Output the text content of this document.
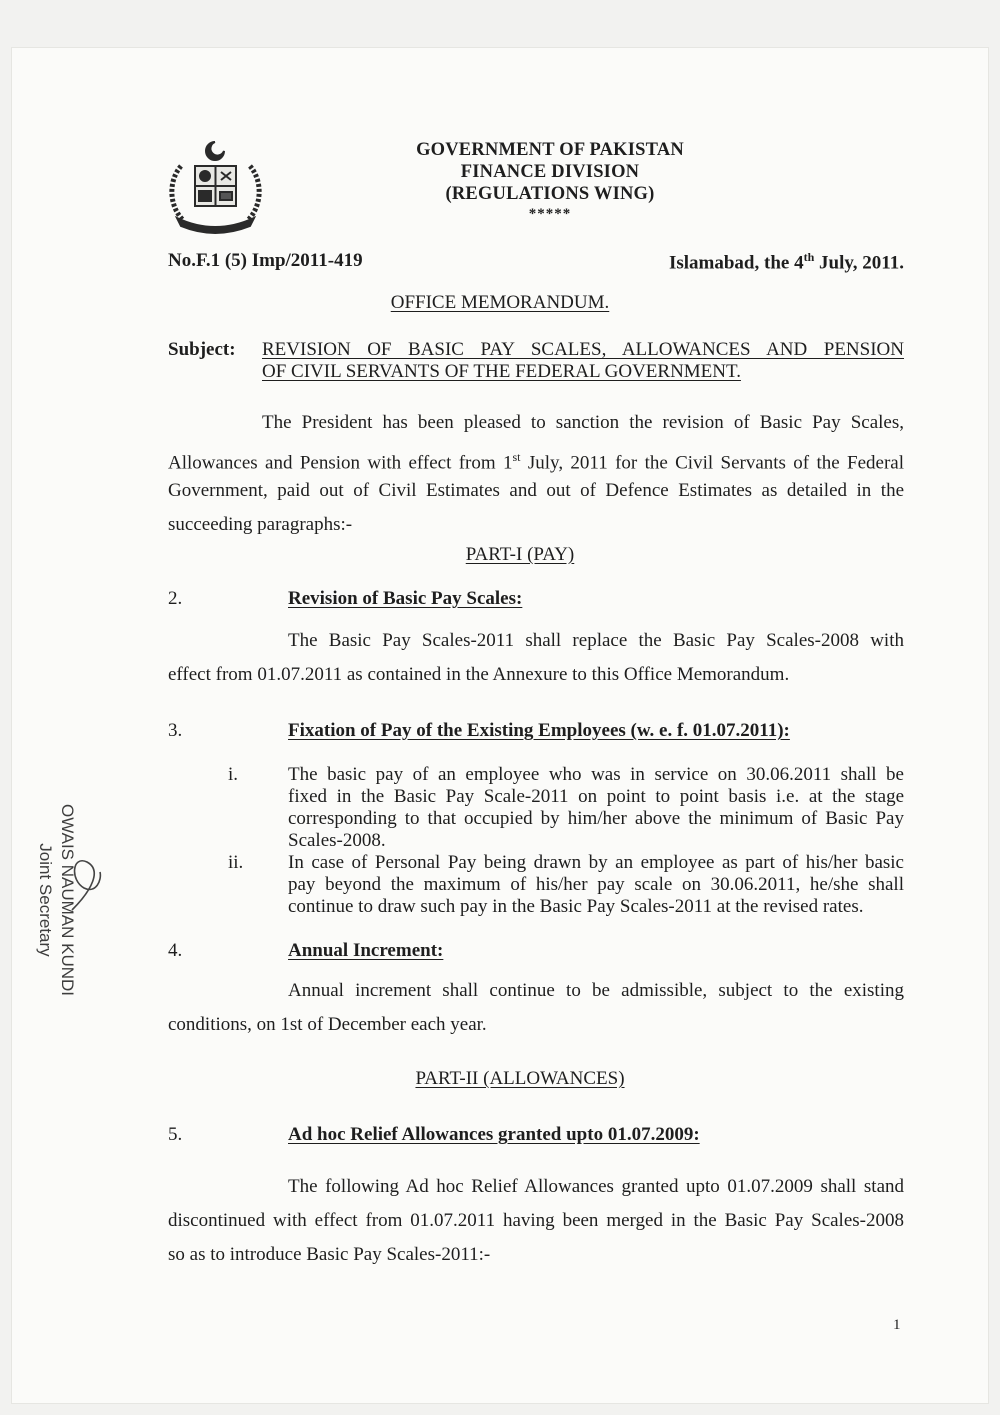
GOVERNMENT OF PAKISTAN
FINANCE DIVISION
(REGULATIONS WING)
*****
No.F.1 (5) Imp/2011-419	Islamabad, the 4th July, 2011.
OFFICE MEMORANDUM.
Subject: REVISION OF BASIC PAY SCALES, ALLOWANCES AND PENSION
OF CIVIL SERVANTS OF THE FEDERAL GOVERNMENT.
The President has been pleased to sanction the revision of Basic Pay Scales,
Allowances and Pension with effect from 1st July, 2011 for the Civil Servants of the Federal
Government, paid out of Civil Estimates and out of Defence Estimates as detailed in the
succeeding paragraphs:-
PART-I (PAY)
2.	Revision of Basic Pay Scales:
The Basic Pay Scales-2011 shall replace the Basic Pay Scales-2008 with
effect from 01.07.2011 as contained in the Annexure to this Office Memorandum.
3.	Fixation of Pay of the Existing Employees (w. e. f. 01.07.2011):
i.	The basic pay of an employee who was in service on 30.06.2011 shall be
fixed in the Basic Pay Scale-2011 on point to point basis i.e. at the stage
corresponding to that occupied by him/her above the minimum of Basic Pay
Scales-2008.
ii. In case of Personal Pay being drawn by an employee as part of his/her basic
pay beyond the maximum of his/her pay scale on 30.06.2011, he/she shall
continue to draw such pay in the Basic Pay Scales-2011 at the revised rates.
4.	Annual Increment:
Annual increment shall continue to be admissible, subject to the existing
conditions, on 1st of December each year.
PART-II (ALLOWANCES)
5.	Ad hoc Relief Allowances granted upto 01.07.2009:
The following Ad hoc Relief Allowances granted upto 01.07.2009 shall stand
discontinued with effect from 01.07.2011 having been merged in the Basic Pay Scales-2008
so as to introduce Basic Pay Scales-2011:-
OWAIS NAUMAN KUNDI
Joint Secretary
1
